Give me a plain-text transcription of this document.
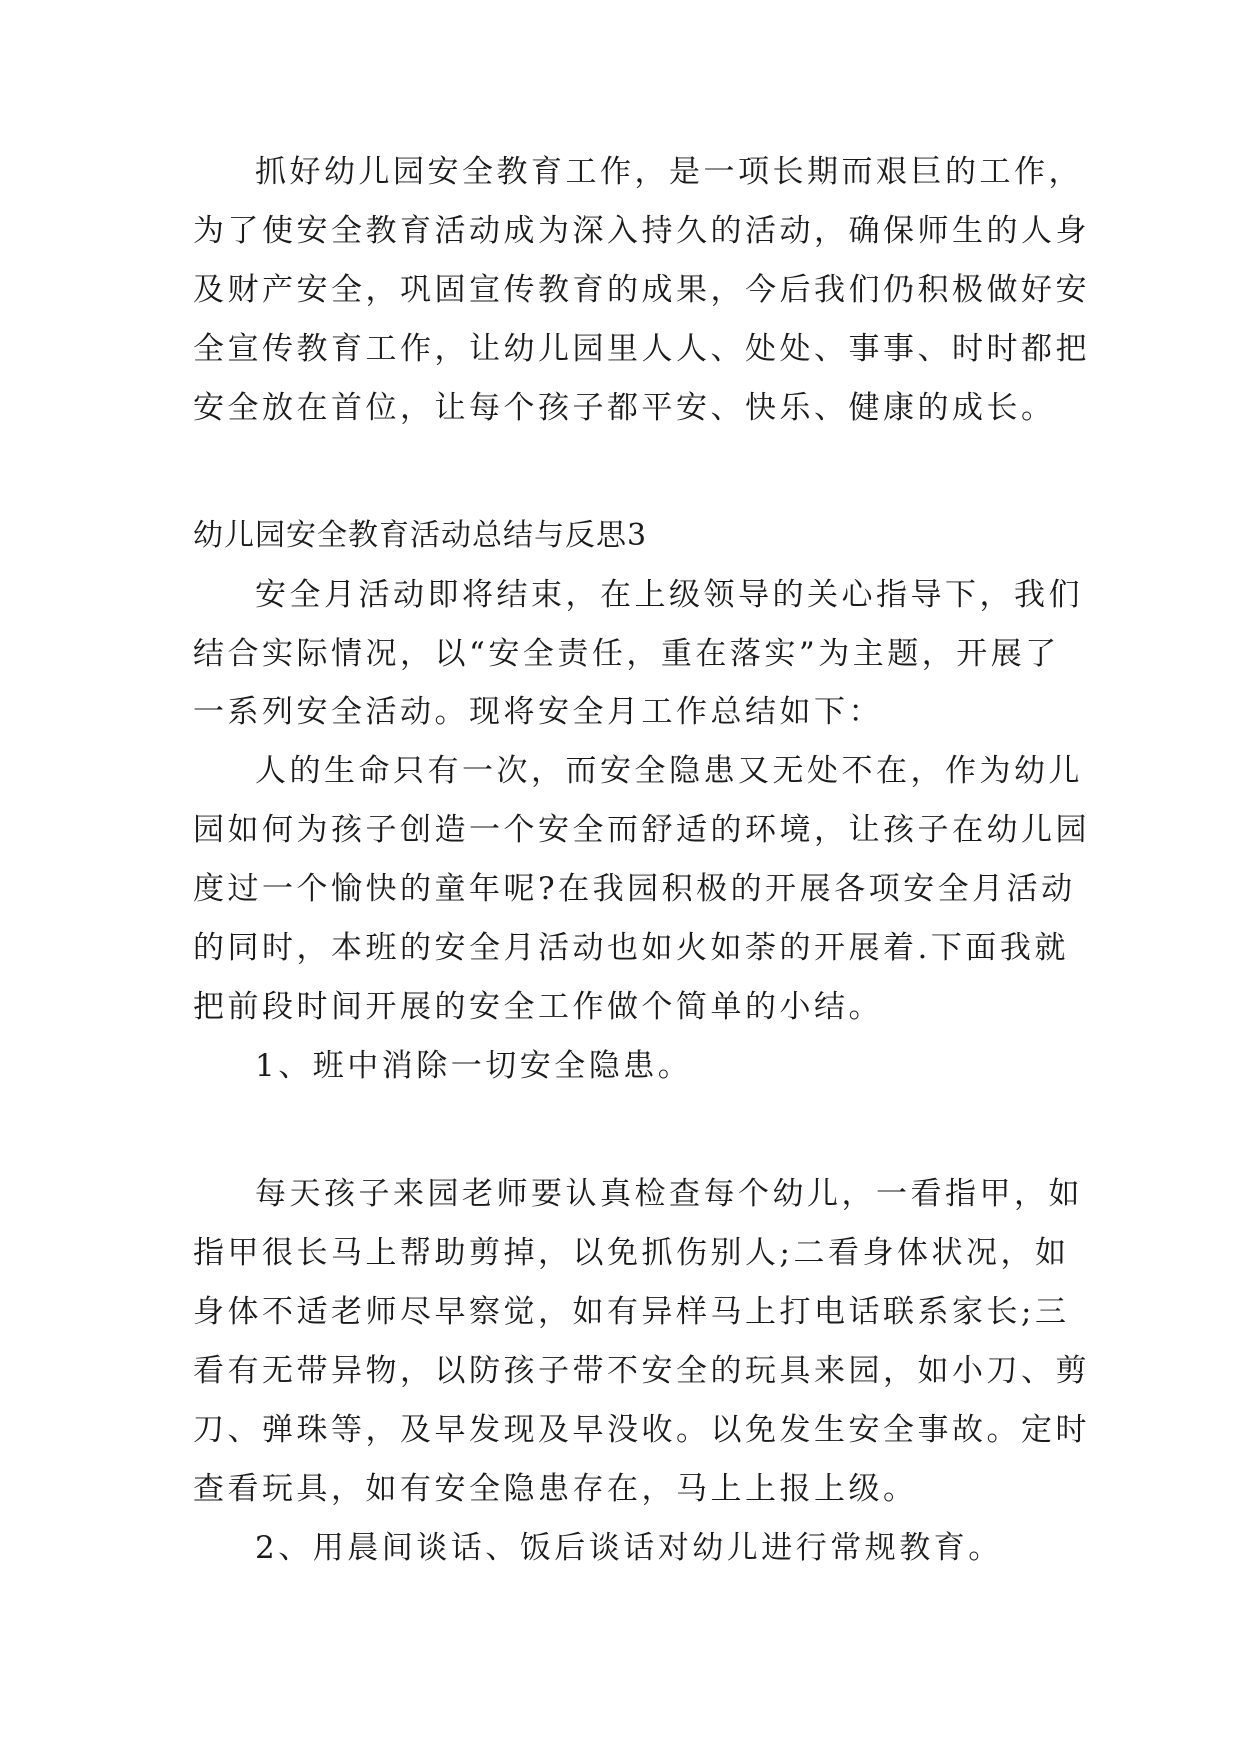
抓好幼儿园安全教育工作，是一项长期而艰巨的工作，
为了使安全教育活动成为深入持久的活动，确保师生的人身
及财产安全，巩固宣传教育的成果，今后我们仍积极做好安
全宣传教育工作，让幼儿园里人人、处处、事事、时时都把
安全放在首位，让每个孩子都平安、快乐、健康的成长。
幼儿园安全教育活动总结与反思3
安全月活动即将结束，在上级领导的关心指导下，我们
结合实际情况，以“安全责任，重在落实”为主题，开展了
一系列安全活动。现将安全月工作总结如下：
人的生命只有一次，而安全隐患又无处不在，作为幼儿
园如何为孩子创造一个安全而舒适的环境，让孩子在幼儿园
度过一个愉快的童年呢?在我园积极的开展各项安全月活动
的同时，本班的安全月活动也如火如荼的开展着.下面我就
把前段时间开展的安全工作做个简单的小结。
1、班中消除一切安全隐患。
每天孩子来园老师要认真检查每个幼儿，一看指甲，如
指甲很长马上帮助剪掉，以免抓伤别人;二看身体状况，如
身体不适老师尽早察觉，如有异样马上打电话联系家长;三
看有无带异物，以防孩子带不安全的玩具来园，如小刀、剪
刀、弹珠等，及早发现及早没收。以免发生安全事故。定时
查看玩具，如有安全隐患存在，马上上报上级。
2、用晨间谈话、饭后谈话对幼儿进行常规教育。
